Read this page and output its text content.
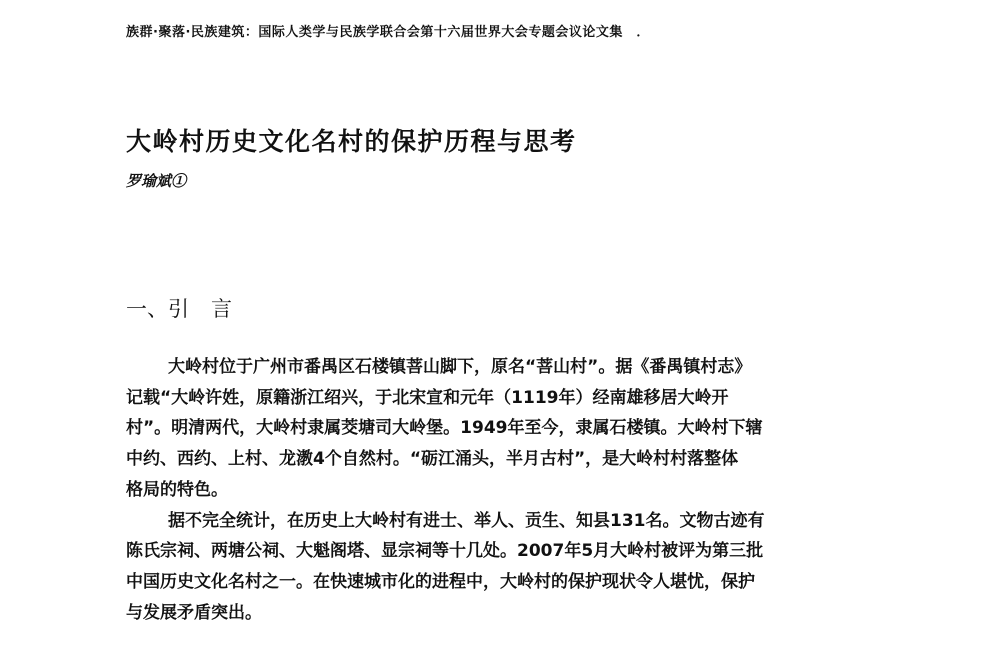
族群·聚落·民族建筑：国际人类学与民族学联合会第十六届世界大会专题会议论文集　．
大岭村历史文化名村的保护历程与思考
罗瑜斌①
一、引 言
大岭村位于广州市番禺区石楼镇菩山脚下，原名“菩山村”。据《番禺镇村志》
记载“大岭许姓，原籍浙江绍兴，于北宋宣和元年（1119年）经南雄移居大岭开
村”。明清两代，大岭村隶属茭塘司大岭堡。1949年至今，隶属石楼镇。大岭村下辖
中约、西约、上村、龙漖4个自然村。“砺江涌头，半月古村”，是大岭村村落整体
格局的特色。
据不完全统计，在历史上大岭村有进士、举人、贡生、知县131名。文物古迹有
陈氏宗祠、两塘公祠、大魁阁塔、显宗祠等十几处。2007年5月大岭村被评为第三批
中国历史文化名村之一。在快速城市化的进程中，大岭村的保护现状令人堪忧，保护
与发展矛盾突出。
